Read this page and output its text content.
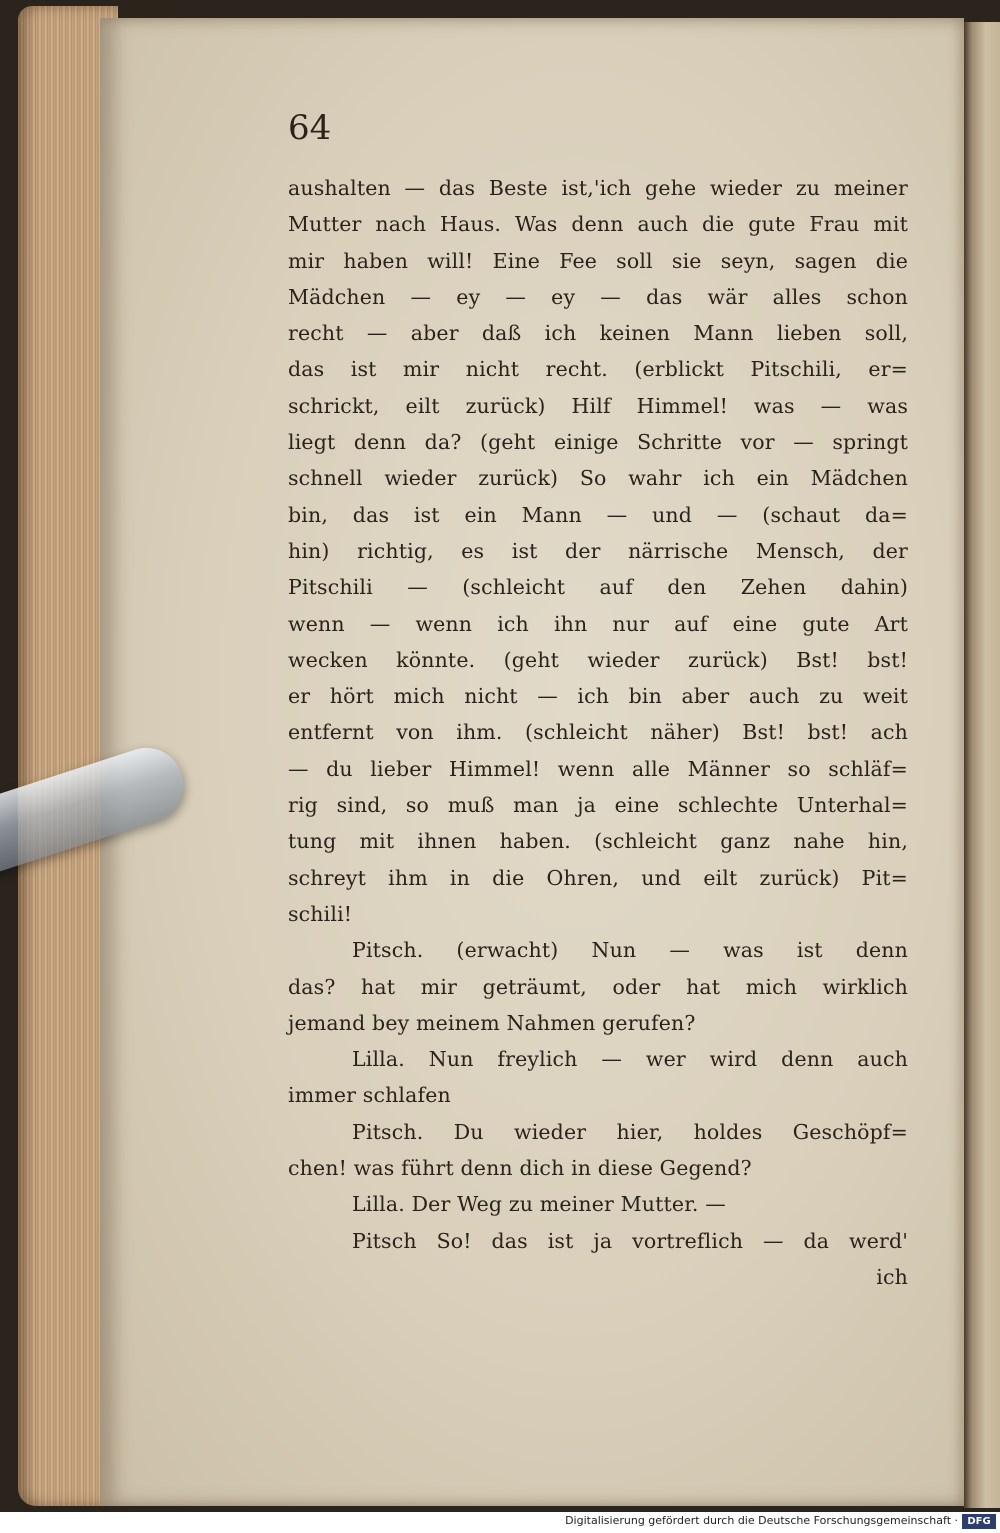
64
aushalten — das Beste ist,'ich gehe wieder zu meiner
Mutter nach Haus. Was denn auch die gute Frau mit
mir haben will! Eine Fee soll sie seyn, sagen die
Mädchen — ey — ey — das wär alles schon
recht — aber daß ich keinen Mann lieben soll,
das ist mir nicht recht. (erblickt Pitschili, er=
schrickt, eilt zurück) Hilf Himmel! was — was
liegt denn da? (geht einige Schritte vor — springt
schnell wieder zurück) So wahr ich ein Mädchen
bin, das ist ein Mann — und — (schaut da=
hin) richtig, es ist der närrische Mensch, der
Pitschili — (schleicht auf den Zehen dahin)
wenn — wenn ich ihn nur auf eine gute Art
wecken könnte. (geht wieder zurück) Bst! bst!
er hört mich nicht — ich bin aber auch zu weit
entfernt von ihm. (schleicht näher) Bst! bst! ach
— du lieber Himmel! wenn alle Männer so schläf=
rig sind, so muß man ja eine schlechte Unterhal=
tung mit ihnen haben. (schleicht ganz nahe hin,
schreyt ihm in die Ohren, und eilt zurück) Pit=
schili!
Pitsch. (erwacht) Nun — was ist denn
das? hat mir geträumt, oder hat mich wirklich
jemand bey meinem Nahmen gerufen?
Lilla. Nun freylich — wer wird denn auch
immer schlafen
Pitsch. Du wieder hier, holdes Geschöpf=
chen! was führt denn dich in diese Gegend?
Lilla. Der Weg zu meiner Mutter. —
Pitsch So! das ist ja vortreflich — da werd'
ich
Digitalisierung gefördert durch die Deutsche Forschungsgemeinschaft · DFG
